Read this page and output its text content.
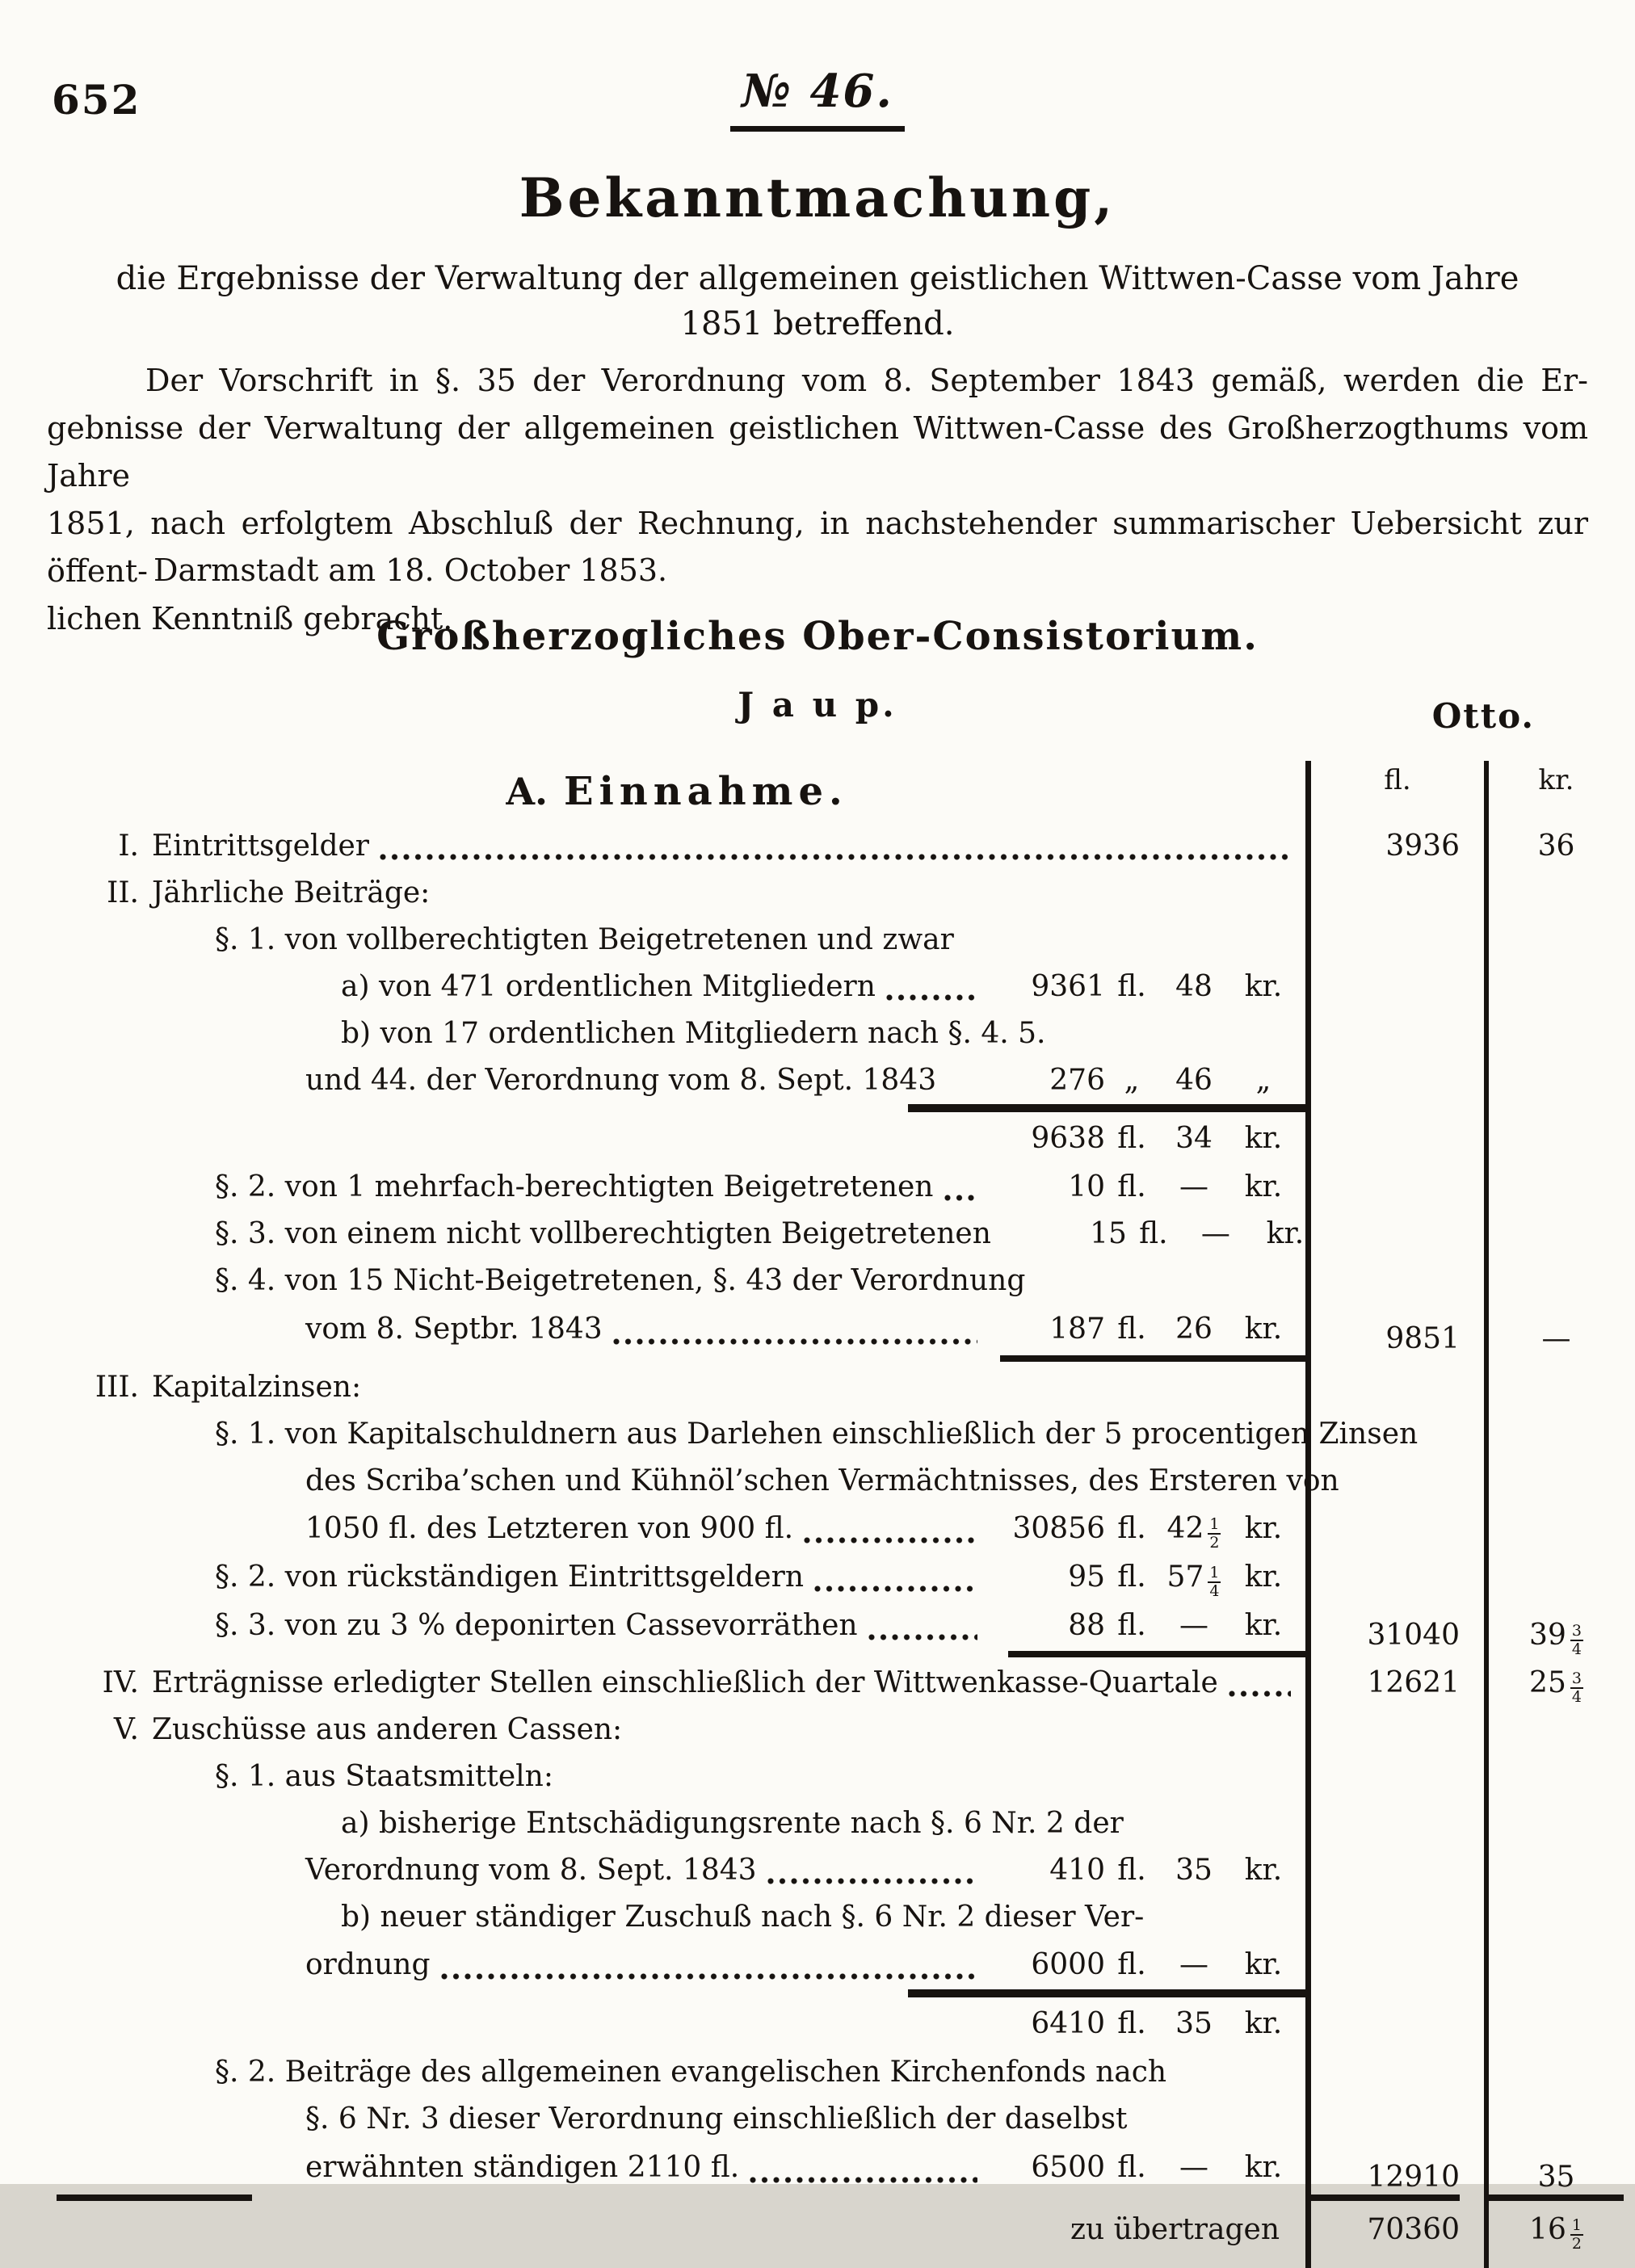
652	№ 46.
Bekanntmachung,
die Ergebnisse der Verwaltung der allgemeinen geistlichen Wittwen-Casse vom Jahre
1851 betreffend.
Der Vorschrift in §. 35 der Verordnung vom 8. September 1843 gemäß, werden die Er-
gebnisse der Verwaltung der allgemeinen geistlichen Wittwen-Casse des Großherzogthums vom Jahre
1851, nach erfolgtem Abschluß der Rechnung, in nachstehender summarischer Uebersicht zur öffent-
lichen Kenntniß gebracht.
Darmstadt am 18. October 1853.
Großherzogliches Ober-Consistorium.
J a u p.	Otto.
A. Einnahme.	fl.	kr.
I. Eintrittsgelder	3936	36
II. Jährliche Beiträge:
§. 1. von vollberechtigten Beigetretenen und zwar
a) von 471 ordentlichen Mitgliedern	9361 fl.	48	kr.
b) von 17 ordentlichen Mitgliedern nach §. 4. 5.
und 44. der Verordnung vom 8. Sept. 1843	276 „	46	„
9638 fl.	34	kr.
§. 2. von 1 mehrfach-berechtigten Beigetretenen	10 fl.	—	kr.
§. 3. von einem nicht vollberechtigten Beigetretenen	15 fl.	—	kr.
§. 4. von 15 Nicht-Beigetretenen, §. 43 der Verordnung
vom 8. Septbr. 1843	187 fl.	26	kr.	9851	—
III. Kapitalzinsen:
§. 1. von Kapitalschuldnern aus Darlehen einschließlich der 5 procentigen Zinsen
des Scriba’schen und Kühnöl’schen Vermächtnisses, des Ersteren von
1050 fl. des Letzteren von 900 fl.	30856 fl. $42 \frac{1}{2}$ kr.
§. 2. von rückständigen Eintrittsgeldern	95 fl. $57 \frac{1}{4}$ kr.
§. 3. von zu 3 % deponirten Cassevorräthen	88 fl.	—	kr.	31040 $39 \frac{3}{4}$
IV. Erträgnisse erledigter Stellen einschließlich der Wittwenkasse-Quartale	12621 $25 \frac{3}{4}$
V. Zuschüsse aus anderen Cassen:
§. 1. aus Staatsmitteln:
a) bisherige Entschädigungsrente nach §. 6 Nr. 2 der
Verordnung vom 8. Sept. 1843	410 fl.	35	kr.
b) neuer ständiger Zuschuß nach §. 6 Nr. 2 dieser Ver-
ordnung	6000 fl.	—	kr.
6410 fl.	35	kr.
§. 2. Beiträge des allgemeinen evangelischen Kirchenfonds nach
§. 6 Nr. 3 dieser Verordnung einschließlich der daselbst
erwähnten ständigen 2110 fl.	6500 fl.	—	kr.	12910	35
zu übertragen	70360 $16 \frac{1}{2}$
